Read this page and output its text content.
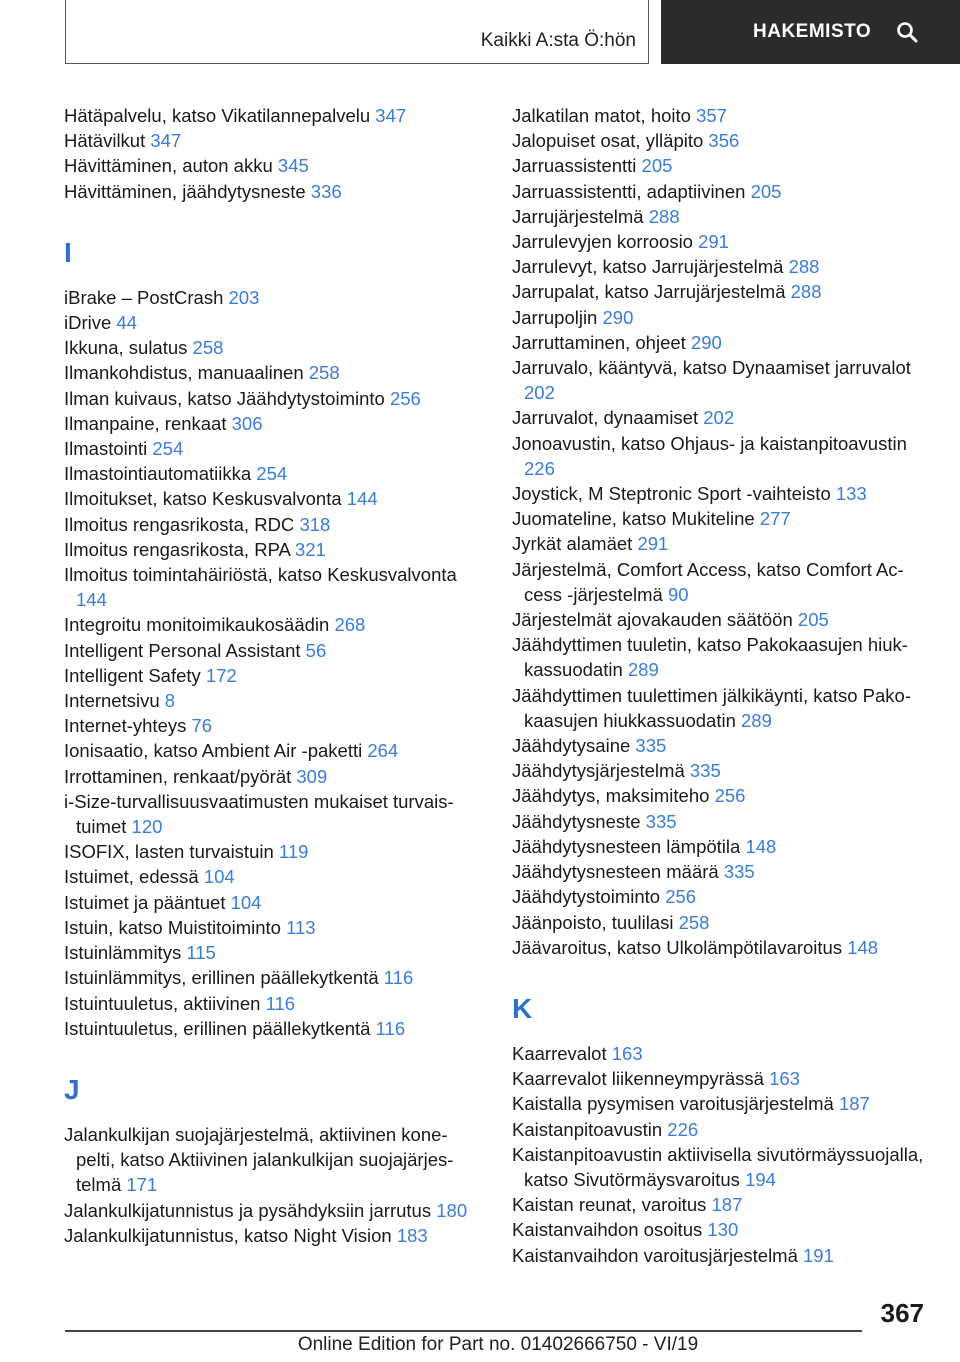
Kaikki A:sta Ö:hön	HAKEMISTO
Hätäpalvelu, katso Vikatilannepalvelu 347
Hätävilkut 347
Hävittäminen, auton akku 345
Hävittäminen, jäähdytysneste 336
I
iBrake – PostCrash 203
iDrive 44
Ikkuna, sulatus 258
Ilmankohdistus, manuaalinen 258
Ilman kuivaus, katso Jäähdytystoiminto 256
Ilmanpaine, renkaat 306
Ilmastointi 254
Ilmastointiautomatiikka 254
Ilmoitukset, katso Keskusvalvonta 144
Ilmoitus rengasrikosta, RDC 318
Ilmoitus rengasrikosta, RPA 321
Ilmoitus toimintahäiriöstä, katso Keskusvalvonta 144
Integroitu monitoimikaukosäädin 268
Intelligent Personal Assistant 56
Intelligent Safety 172
Internetsivu 8
Internet-yhteys 76
Ionisaatio, katso Ambient Air -paketti 264
Irrottaminen, renkaat/pyörät 309
i-Size-turvallisuusvaatimusten mukaiset turvaistuimet 120
ISOFIX, lasten turvaistuin 119
Istuimet, edessä 104
Istuimet ja pääntuet 104
Istuin, katso Muistitoiminto 113
Istuinlämmitys 115
Istuinlämmitys, erillinen päällekytkentä 116
Istuintuuletus, aktiivinen 116
Istuintuuletus, erillinen päällekytkentä 116
J
Jalankulkijan suojajärjestelmä, aktiivinen konepelti, katso Aktiivinen jalankulkijan suojajärjestelmä 171
Jalankulkijatunnistus ja pysähdyksiin jarrutus 180
Jalankulkijatunnistus, katso Night Vision 183
Jalkatilan matot, hoito 357
Jalopuiset osat, ylläpito 356
Jarruassistentti 205
Jarruassistentti, adaptiivinen 205
Jarrujärjestelmä 288
Jarrulevyjen korroosio 291
Jarrulevyt, katso Jarrujärjestelmä 288
Jarrupalat, katso Jarrujärjestelmä 288
Jarrupoljin 290
Jarruttaminen, ohjeet 290
Jarruvalo, kääntyvä, katso Dynaamiset jarruvalot 202
Jarruvalot, dynaamiset 202
Jonoavustin, katso Ohjaus- ja kaistanpitoavustin 226
Joystick, M Steptronic Sport -vaihteisto 133
Juomateline, katso Mukiteline 277
Jyrkät alamäet 291
Järjestelmä, Comfort Access, katso Comfort Access -järjestelmä 90
Järjestelmät ajovakauden säätöön 205
Jäähdyttimen tuuletin, katso Pakokaasujen hiukkassuodatin 289
Jäähdyttimen tuulettimen jälkikäynti, katso Pakokaasujen hiukkassuodatin 289
Jäähdytysaine 335
Jäähdytysjärjestelmä 335
Jäähdytys, maksimiteho 256
Jäähdytysneste 335
Jäähdytysnesteen lämpötila 148
Jäähdytysnesteen määrä 335
Jäähdytystoiminto 256
Jäänpoisto, tuulilasi 258
Jäävaroitus, katso Ulkolämpötilavaroitus 148
K
Kaarrevalot 163
Kaarrevalot liikenneympyrässä 163
Kaistalla pysymisen varoitusjärjestelmä 187
Kaistanpitoavustin 226
Kaistanpitoavustin aktiivisella sivutörmäyssuojalla, katso Sivutörmäysvaroitus 194
Kaistan reunat, varoitus 187
Kaistanvaihdon osoitus 130
Kaistanvaihdon varoitusjärjestelmä 191
367
Online Edition for Part no. 01402666750 - VI/19
